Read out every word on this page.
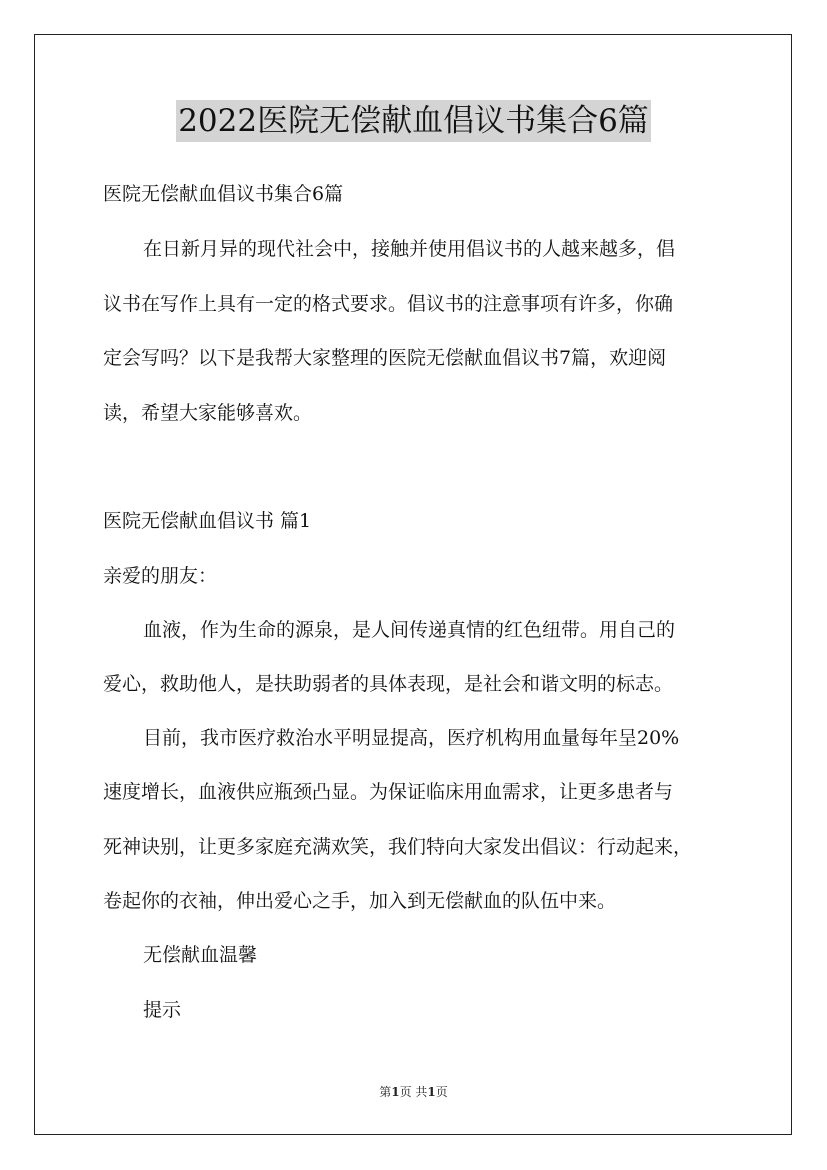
2022医院无偿献血倡议书集合6篇
医院无偿献血倡议书集合6篇
在日新月异的现代社会中，接触并使用倡议书的人越来越多，倡
议书在写作上具有一定的格式要求。倡议书的注意事项有许多，你确
定会写吗？以下是我帮大家整理的医院无偿献血倡议书7篇，欢迎阅
读，希望大家能够喜欢。
医院无偿献血倡议书 篇1
亲爱的朋友：
血液，作为生命的源泉，是人间传递真情的红色纽带。用自己的
爱心，救助他人，是扶助弱者的具体表现，是社会和谐文明的标志。
目前，我市医疗救治水平明显提高，医疗机构用血量每年呈20%
速度增长，血液供应瓶颈凸显。为保证临床用血需求，让更多患者与
死神诀别，让更多家庭充满欢笑，我们特向大家发出倡议：行动起来，
卷起你的衣袖，伸出爱心之手，加入到无偿献血的队伍中来。
无偿献血温馨
提示
第1页 共1页
